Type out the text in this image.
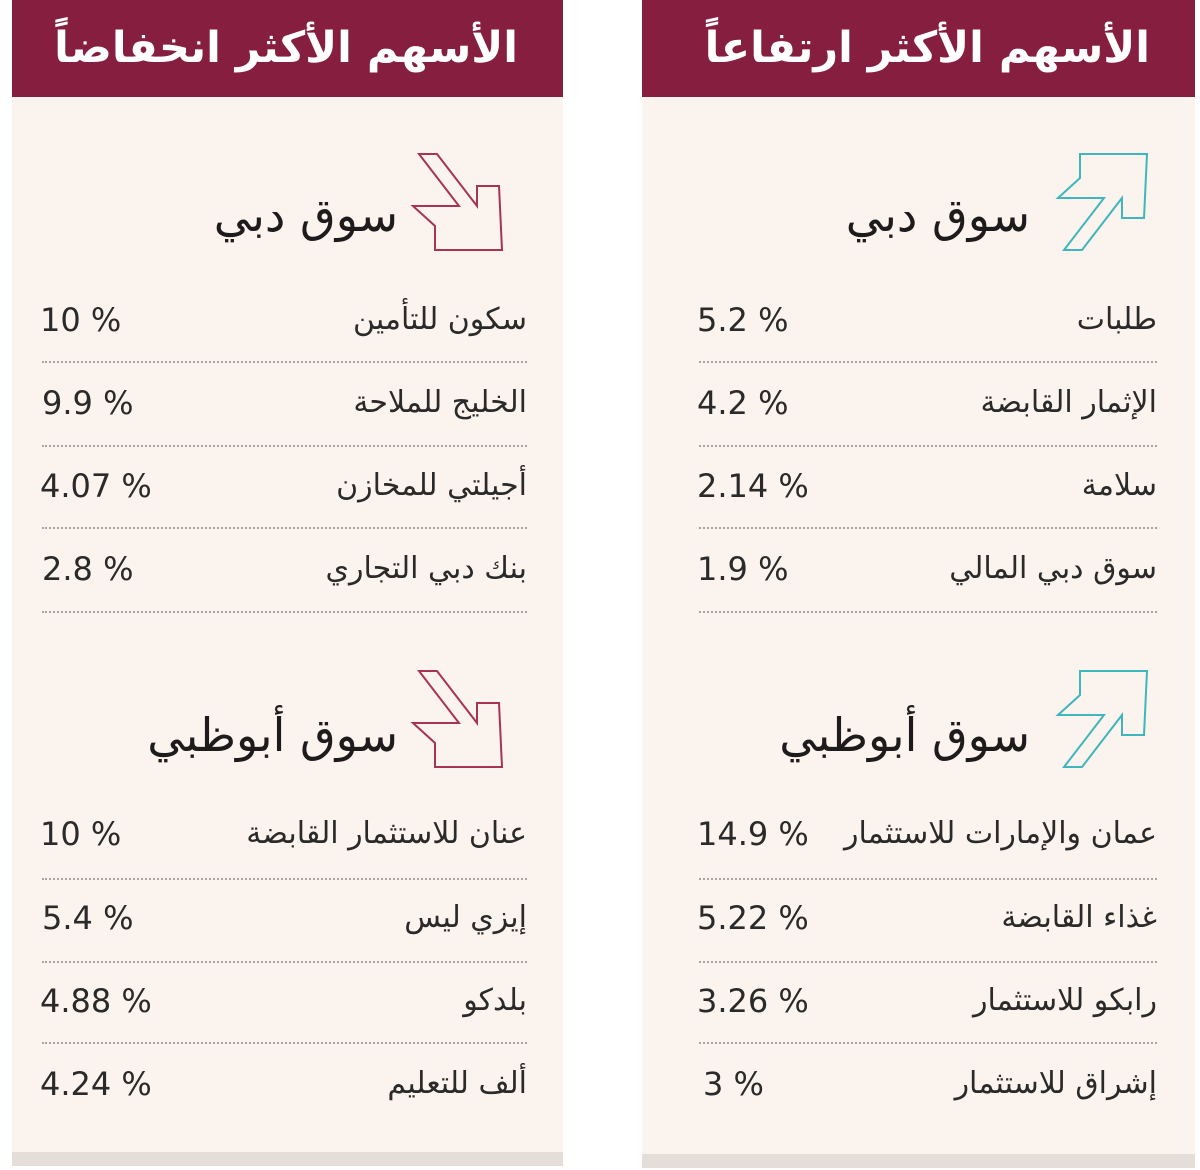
الأسهم الأكثر ارتفاعاً
سوق دبي
طلبات
5.2 %
الإثمار القابضة
4.2 %
سلامة
2.14 %
سوق دبي المالي
1.9 %
سوق أبوظبي
عمان والإمارات للاستثمار
14.9 %
غذاء القابضة
5.22 %
رابكو للاستثمار
3.26 %
إشراق للاستثمار
3 %
الأسهم الأكثر انخفاضاً
سوق دبي
سكون للتأمين
10 %
الخليج للملاحة
9.9 %
أجيلتي للمخازن
4.07 %
بنك دبي التجاري
2.8 %
سوق أبوظبي
عنان للاستثمار القابضة
10 %
إيزي ليس
5.4 %
بلدكو
4.88 %
ألف للتعليم
4.24 %
